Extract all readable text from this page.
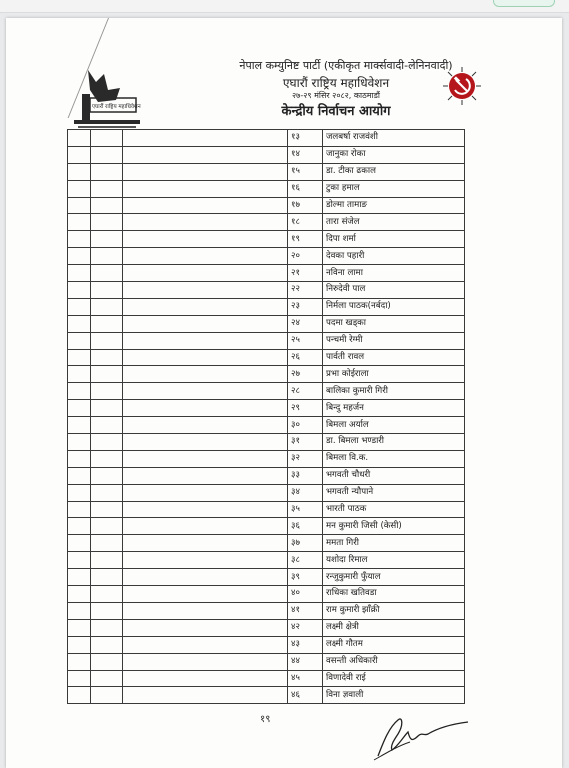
एघारौं राष्ट्रिय महाधिवेशन
नेपाल कम्युनिष्ट पार्टी (एकीकृत मार्क्सवादी-लेनिनवादी)
एघारौं राष्ट्रिय महाधिवेशन
२७-२९ मंसिर २०८२, काठमाडौं
केन्द्रीय निर्वाचन आयोग
			१३	जलबर्षा राजवंशी
			१४	जानुका रोका
			१५	डा. टीका ढकाल
			१६	टुका हमाल
			१७	डोल्मा तामाङ
			१८	तारा संजेल
			१९	दिपा शर्मा
			२०	देवका पहारी
			२१	नविना लामा
			२२	निरुदेवी पाल
			२३	निर्मला पाठक(नर्बदा)
			२४	पदमा खड्का
			२५	पन्चमी रेग्मी
			२६	पार्वती रावल
			२७	प्रभा कोईराला
			२८	बालिका कुमारी गिरी
			२९	बिन्दु महर्जन
			३०	बिमला अर्याल
			३१	डा. बिमला भण्डारी
			३२	बिमला वि.क.
			३३	भगवती चौधरी
			३४	भगवती न्यौपाने
			३५	भारती पाठक
			३६	मन कुमारी जिसी (केसी)
			३७	ममता गिरी
			३८	यशोदा रिमाल
			३९	रन्जुकुमारी फुँयाल
			४०	राधिका खतिवडा
			४१	राम कुमारी झाँक्री
			४२	लक्ष्मी क्षेत्री
			४३	लक्ष्मी गौतम
			४४	वसन्ती अधिकारी
			४५	विणादेवी राई
			४६	विना ज्ञवाली
१९
